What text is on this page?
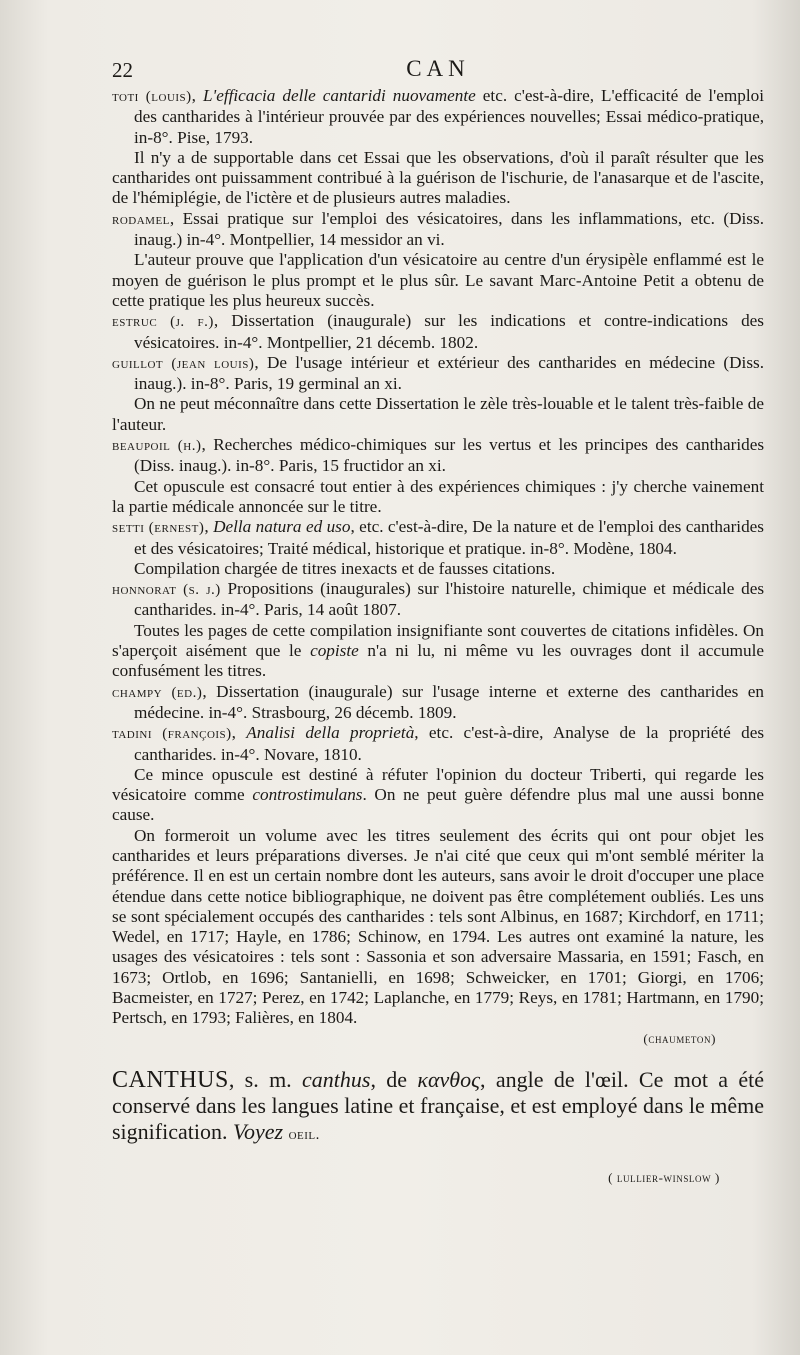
22	CAN

toti (louis), L'efficacia delle cantaridi nuovamente etc. c'est-à-dire, L'efficacité de l'emploi des cantharides à l'intérieur prouvée par des expériences nouvelles; Essai médico-pratique, in-8°. Pise, 1793.

Il n'y a de supportable dans cet Essai que les observations, d'où il paraît résulter que les cantharides ont puissamment contribué à la guérison de l'ischurie, de l'anasarque et de l'ascite, de l'hémiplégie, de l'ictère et de plusieurs autres maladies.

rodamel, Essai pratique sur l'emploi des vésicatoires, dans les inflammations, etc. (Diss. inaug.) in-4°. Montpellier, 14 messidor an vi.

L'auteur prouve que l'application d'un vésicatoire au centre d'un érysipèle enflammé est le moyen de guérison le plus prompt et le plus sûr. Le savant Marc-Antoine Petit a obtenu de cette pratique les plus heureux succès.

estruc (j. f.), Dissertation (inaugurale) sur les indications et contre-indications des vésicatoires. in-4°. Montpellier, 21 décemb. 1802.

guillot (jean louis), De l'usage intérieur et extérieur des cantharides en médecine (Diss. inaug.). in-8°. Paris, 19 germinal an xi.

On ne peut méconnaître dans cette Dissertation le zèle très-louable et le talent très-faible de l'auteur.

beaupoil (h.), Recherches médico-chimiques sur les vertus et les principes des cantharides (Diss. inaug.). in-8°. Paris, 15 fructidor an xi.

Cet opuscule est consacré tout entier à des expériences chimiques : j'y cherche vainement la partie médicale annoncée sur le titre.

setti (ernest), Della natura ed uso, etc. c'est-à-dire, De la nature et de l'emploi des cantharides et des vésicatoires; Traité médical, historique et pratique. in-8°. Modène, 1804.

Compilation chargée de titres inexacts et de fausses citations.

honnorat (s. j.) Propositions (inaugurales) sur l'histoire naturelle, chimique et médicale des cantharides. in-4°. Paris, 14 août 1807.

Toutes les pages de cette compilation insignifiante sont couvertes de citations infidèles. On s'aperçoit aisément que le copiste n'a ni lu, ni même vu les ouvrages dont il accumule confusément les titres.

champy (ed.), Dissertation (inaugurale) sur l'usage interne et externe des cantharides en médecine. in-4°. Strasbourg, 26 décemb. 1809.

tadini (françois), Analisi della proprietà, etc. c'est-à-dire, Analyse de la propriété des cantharides. in-4°. Novare, 1810.

Ce mince opuscule est destiné à réfuter l'opinion du docteur Triberti, qui regarde les vésicatoire comme controstimulans. On ne peut guère défendre plus mal une aussi bonne cause.

On formeroit un volume avec les titres seulement des écrits qui ont pour objet les cantharides et leurs préparations diverses. Je n'ai cité que ceux qui m'ont semblé mériter la préférence. Il en est un certain nombre dont les auteurs, sans avoir le droit d'occuper une place étendue dans cette notice bibliographique, ne doivent pas être complétement oubliés. Les uns se sont spécialement occupés des cantharides : tels sont Albinus, en 1687; Kirchdorf, en 1711; Wedel, en 1717; Hayle, en 1786; Schinow, en 1794. Les autres ont examiné la nature, les usages des vésicatoires : tels sont : Sassonia et son adversaire Massaria, en 1591; Fasch, en 1673; Ortlob, en 1696; Santanielli, en 1698; Schweicker, en 1701; Giorgi, en 1706; Bacmeister, en 1727; Perez, en 1742; Laplanche, en 1779; Reys, en 1781; Hartmann, en 1790; Pertsch, en 1793; Falières, en 1804.

(chaumeton)

CANTHUS, s. m. canthus, de κανθος, angle de l'œil. Ce mot a été conservé dans les langues latine et française, et est employé dans le même signification. Voyez oeil.

( lullier-winslow )
